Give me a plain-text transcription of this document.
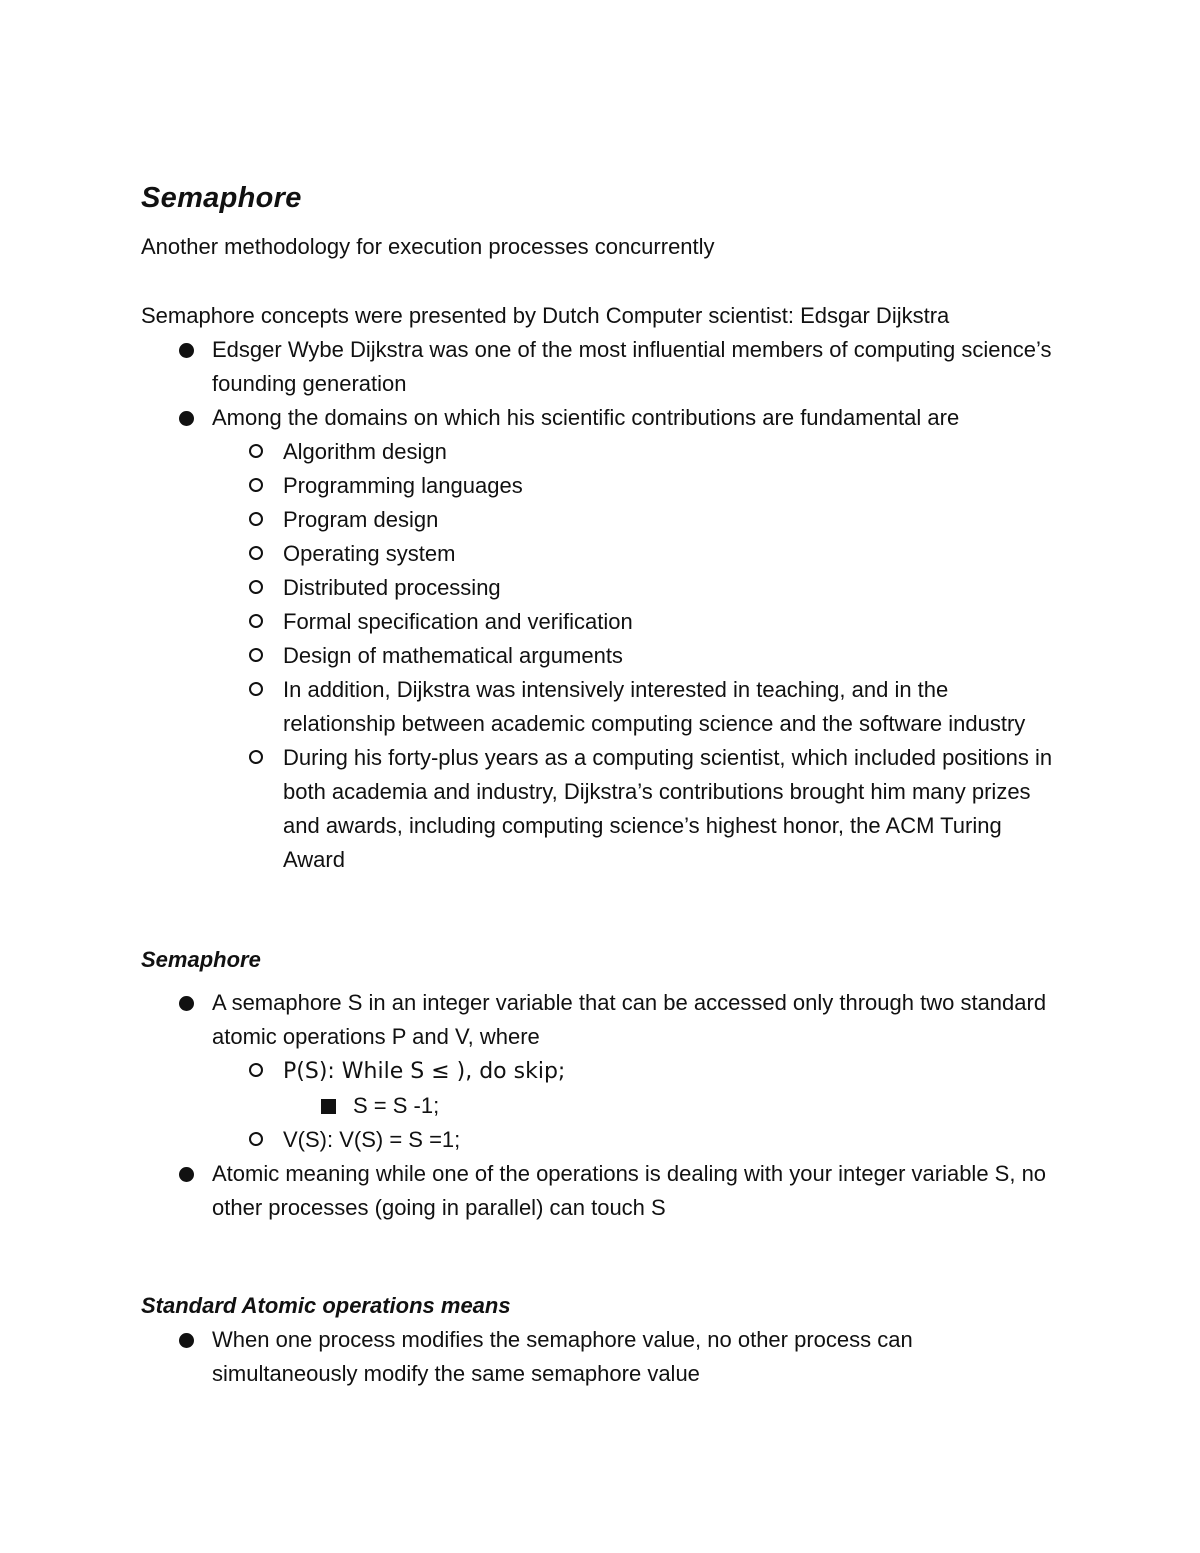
Semaphore

Another methodology for execution processes concurrently

Semaphore concepts were presented by Dutch Computer scientist: Edsgar Dijkstra

Edsger Wybe Dijkstra was one of the most influential members of computing science’s founding generation
Among the domains on which his scientific contributions are fundamental are
Algorithm design
Programming languages
Program design
Operating system
Distributed processing
Formal specification and verification
Design of mathematical arguments
In addition, Dijkstra was intensively interested in teaching, and in the relationship between academic computing science and the software industry
During his forty-plus years as a computing scientist, which included positions in both academia and industry, Dijkstra’s contributions brought him many prizes and awards, including computing science’s highest honor, the ACM Turing Award
Semaphore
A semaphore S in an integer variable that can be accessed only through two standard atomic operations P and V, where
P(S): While S ≤ ), do skip;
S = S -1;
V(S): V(S) = S =1;
Atomic meaning while one of the operations is dealing with your integer variable S, no other processes (going in parallel) can touch S
Standard Atomic operations means
When one process modifies the semaphore value, no other process can simultaneously modify the same semaphore value
